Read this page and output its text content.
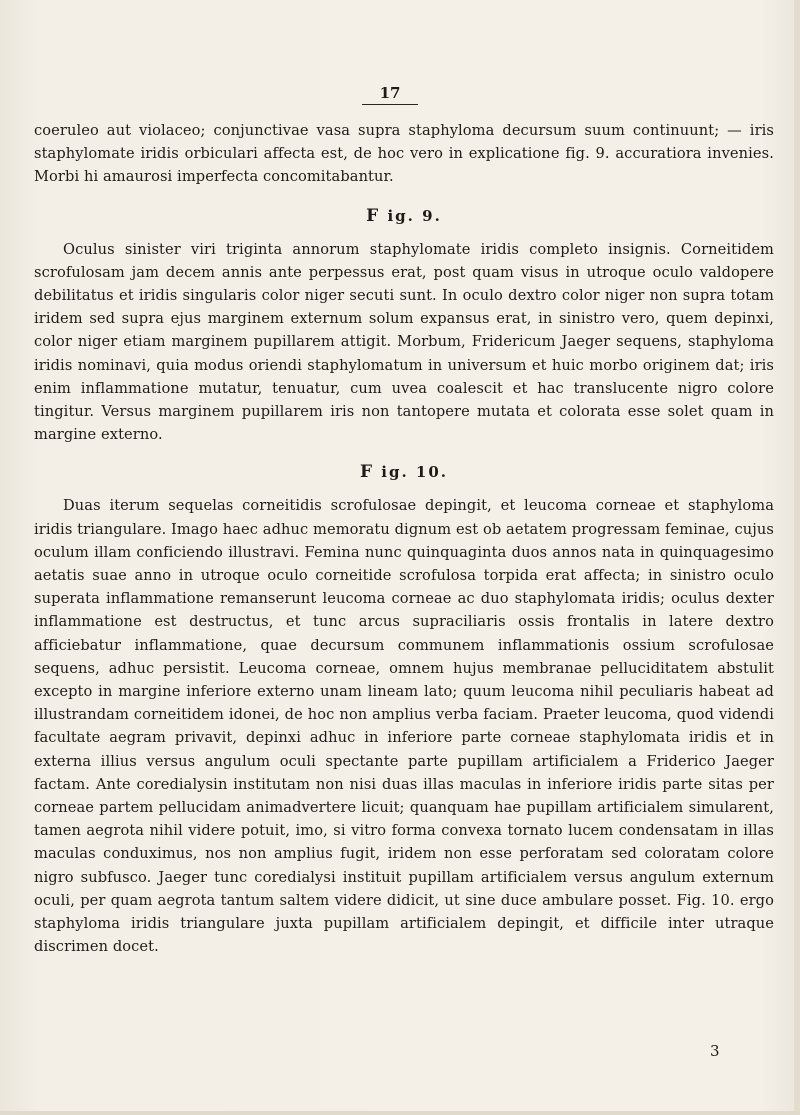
17

coeruleo aut violaceo; conjunctivae vasa supra staphyloma decursum suum continuunt; — iris staphylomate iridis orbiculari affecta est, de hoc vero in explicatione fig. 9. accuratiora invenies. Morbi hi amaurosi imperfecta concomitabantur.

F ig. 9.

Oculus sinister viri triginta annorum staphylomate iridis completo insignis. Corneitidem scrofulosam jam decem annis ante perpessus erat, post quam visus in utroque oculo valdopere debilitatus et iridis singularis color niger secuti sunt. In oculo dextro color niger non supra totam iridem sed supra ejus marginem externum solum expansus erat, in sinistro vero, quem depinxi, color niger etiam marginem pupillarem attigit. Morbum, Fridericum Jaeger sequens, staphyloma iridis nominavi, quia modus oriendi staphylomatum in universum et huic morbo originem dat; iris enim inflammatione mutatur, tenuatur, cum uvea coalescit et hac translucente nigro colore tingitur. Versus marginem pupillarem iris non tantopere mutata et colorata esse solet quam in margine externo.

F ig. 10.

Duas iterum sequelas corneitidis scrofulosae depingit, et leucoma corneae et staphyloma iridis triangulare. Imago haec adhuc memoratu dignum est ob aetatem progressam feminae, cujus oculum illam conficiendo illustravi. Femina nunc quinquaginta duos annos nata in quinquagesimo aetatis suae anno in utroque oculo corneitide scrofulosa torpida erat affecta; in sinistro oculo superata inflammatione remanserunt leucoma corneae ac duo staphylomata iridis; oculus dexter inflammatione est destructus, et tunc arcus supraciliaris ossis frontalis in latere dextro afficiebatur inflammatione, quae decursum communem inflammationis ossium scrofulosae sequens, adhuc persistit. Leucoma corneae, omnem hujus membranae pelluciditatem abstulit excepto in margine inferiore externo unam lineam lato; quum leucoma nihil peculiaris habeat ad illustrandam corneitidem idonei, de hoc non amplius verba faciam. Praeter leucoma, quod videndi facultate aegram privavit, depinxi adhuc in inferiore parte corneae staphylomata iridis et in externa illius versus angulum oculi spectante parte pupillam artificialem a Friderico Jaeger factam. Ante coredialysin institutam non nisi duas illas maculas in inferiore iridis parte sitas per corneae partem pellucidam animadvertere licuit; quanquam hae pupillam artificialem simularent, tamen aegrota nihil videre potuit, imo, si vitro forma convexa tornato lucem condensatam in illas maculas conduximus, nos non amplius fugit, iridem non esse perforatam sed coloratam colore nigro subfusco. Jaeger tunc coredialysi instituit pupillam artificialem versus angulum externum oculi, per quam aegrota tantum saltem videre didicit, ut sine duce ambulare posset. Fig. 10. ergo staphyloma iridis triangulare juxta pupillam artificialem depingit, et difficile inter utraque discrimen docet.

3
